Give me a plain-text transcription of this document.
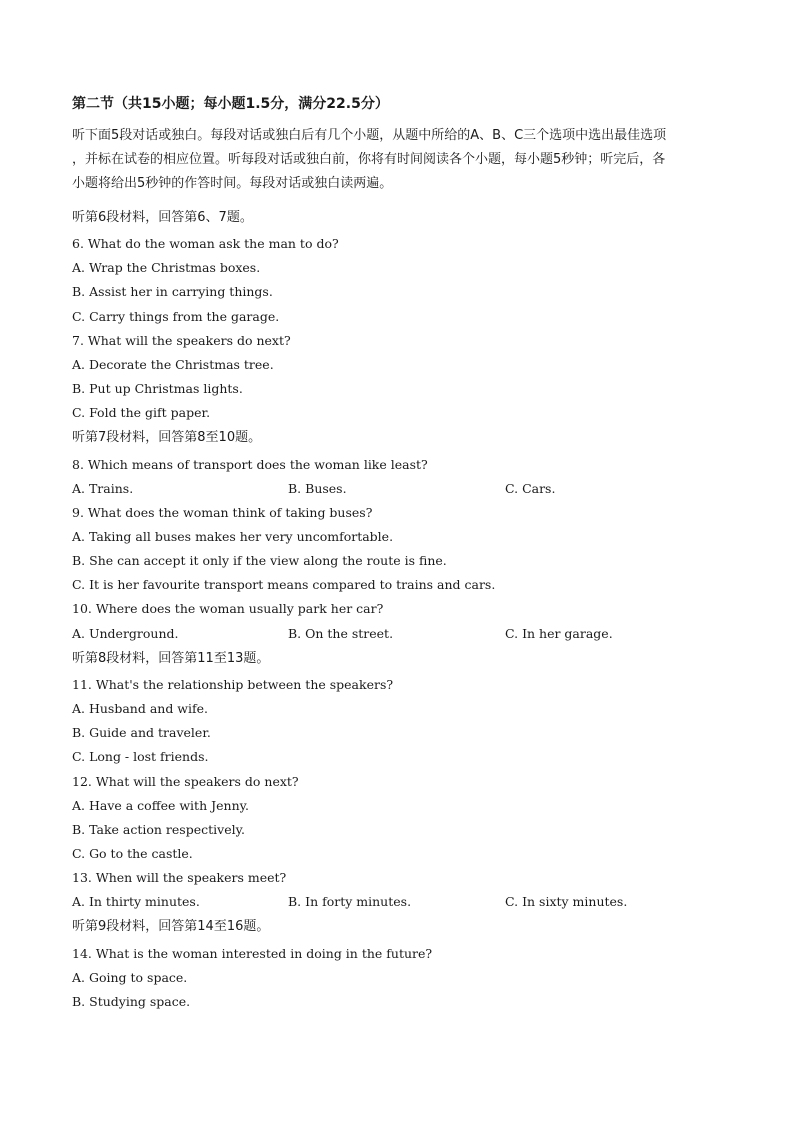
第二节（共15小题；每小题1.5分，满分22.5分）
听下面5段对话或独白。每段对话或独白后有几个小题，从题中所给的A、B、C三个选项中选出最佳选项
，并标在试卷的相应位置。听每段对话或独白前，你将有时间阅读各个小题，每小题5秒钟；听完后，各
小题将给出5秒钟的作答时间。每段对话或独白读两遍。
听第6段材料，回答第6、7题。
6. What do the woman ask the man to do?
A. Wrap the Christmas boxes.
B. Assist her in carrying things.
C. Carry things from the garage.
7. What will the speakers do next?
A. Decorate the Christmas tree.
B. Put up Christmas lights.
C. Fold the gift paper.
听第7段材料，回答第8至10题。
8. Which means of transport does the woman like least?
A. Trains.	B. Buses.	C. Cars.
9. What does the woman think of taking buses?
A. Taking all buses makes her very uncomfortable.
B. She can accept it only if the view along the route is fine.
C. It is her favourite transport means compared to trains and cars.
10. Where does the woman usually park her car?
A. Underground.	B. On the street.	C. In her garage.
听第8段材料，回答第11至13题。
11. What's the relationship between the speakers?
A. Husband and wife.
B. Guide and traveler.
C. Long - lost friends.
12. What will the speakers do next?
A. Have a coffee with Jenny.
B. Take action respectively.
C. Go to the castle.
13. When will the speakers meet?
A. In thirty minutes.	B. In forty minutes.	C. In sixty minutes.
听第9段材料，回答第14至16题。
14. What is the woman interested in doing in the future?
A. Going to space.
B. Studying space.
